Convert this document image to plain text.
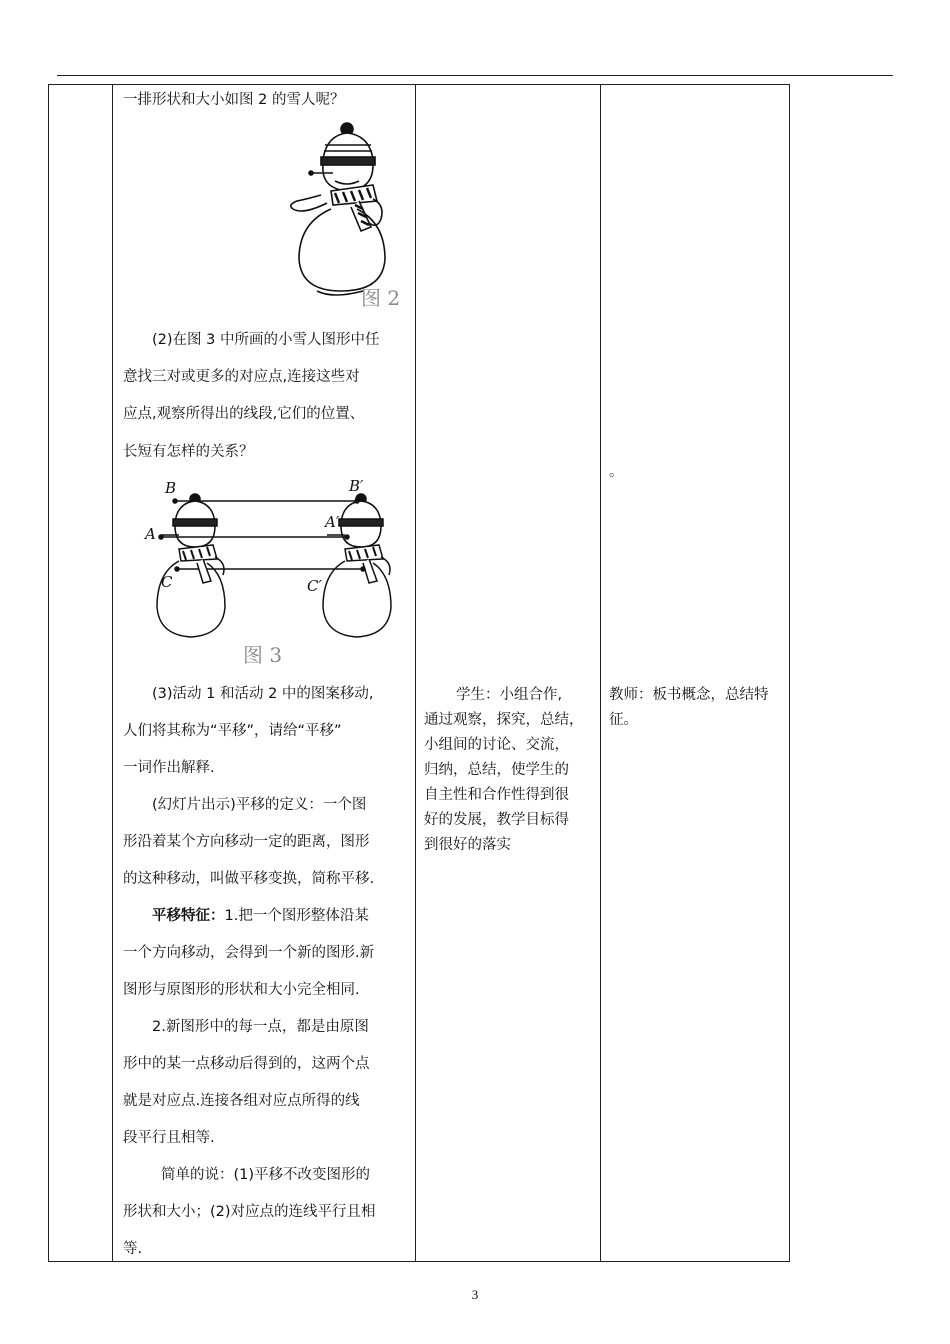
一排形状和大小如图 2 的雪人呢？

图 2

(2)在图 3 中所画的小雪人图形中任

意找三对或更多的对应点,连接这些对

应点,观察所得出的线段,它们的位置、

长短有怎样的关系？

B	B′
A
A′
C	C′
图 3

(3)活动 1 和活动 2 中的图案移动,

人们将其称为“平移”，请给“平移”

一词作出解释.

(幻灯片出示)平移的定义：一个图

形沿着某个方向移动一定的距离，图形

的这种移动，叫做平移变换，简称平移.

平移特征：1.把一个图形整体沿某

一个方向移动，会得到一个新的图形.新

图形与原图形的形状和大小完全相同.

2.新图形中的每一点，都是由原图

形中的某一点移动后得到的，这两个点

就是对应点.连接各组对应点所得的线

段平行且相等.

简单的说：(1)平移不改变图形的

形状和大小；(2)对应点的连线平行且相

等.

学生：小组合作,

通过观察，探究，总结，

小组间的讨论、交流，

归纳，总结，使学生的

自主性和合作性得到很

好的发展，教学目标得

到很好的落实

。

教师：板书概念，总结特

征。

3
